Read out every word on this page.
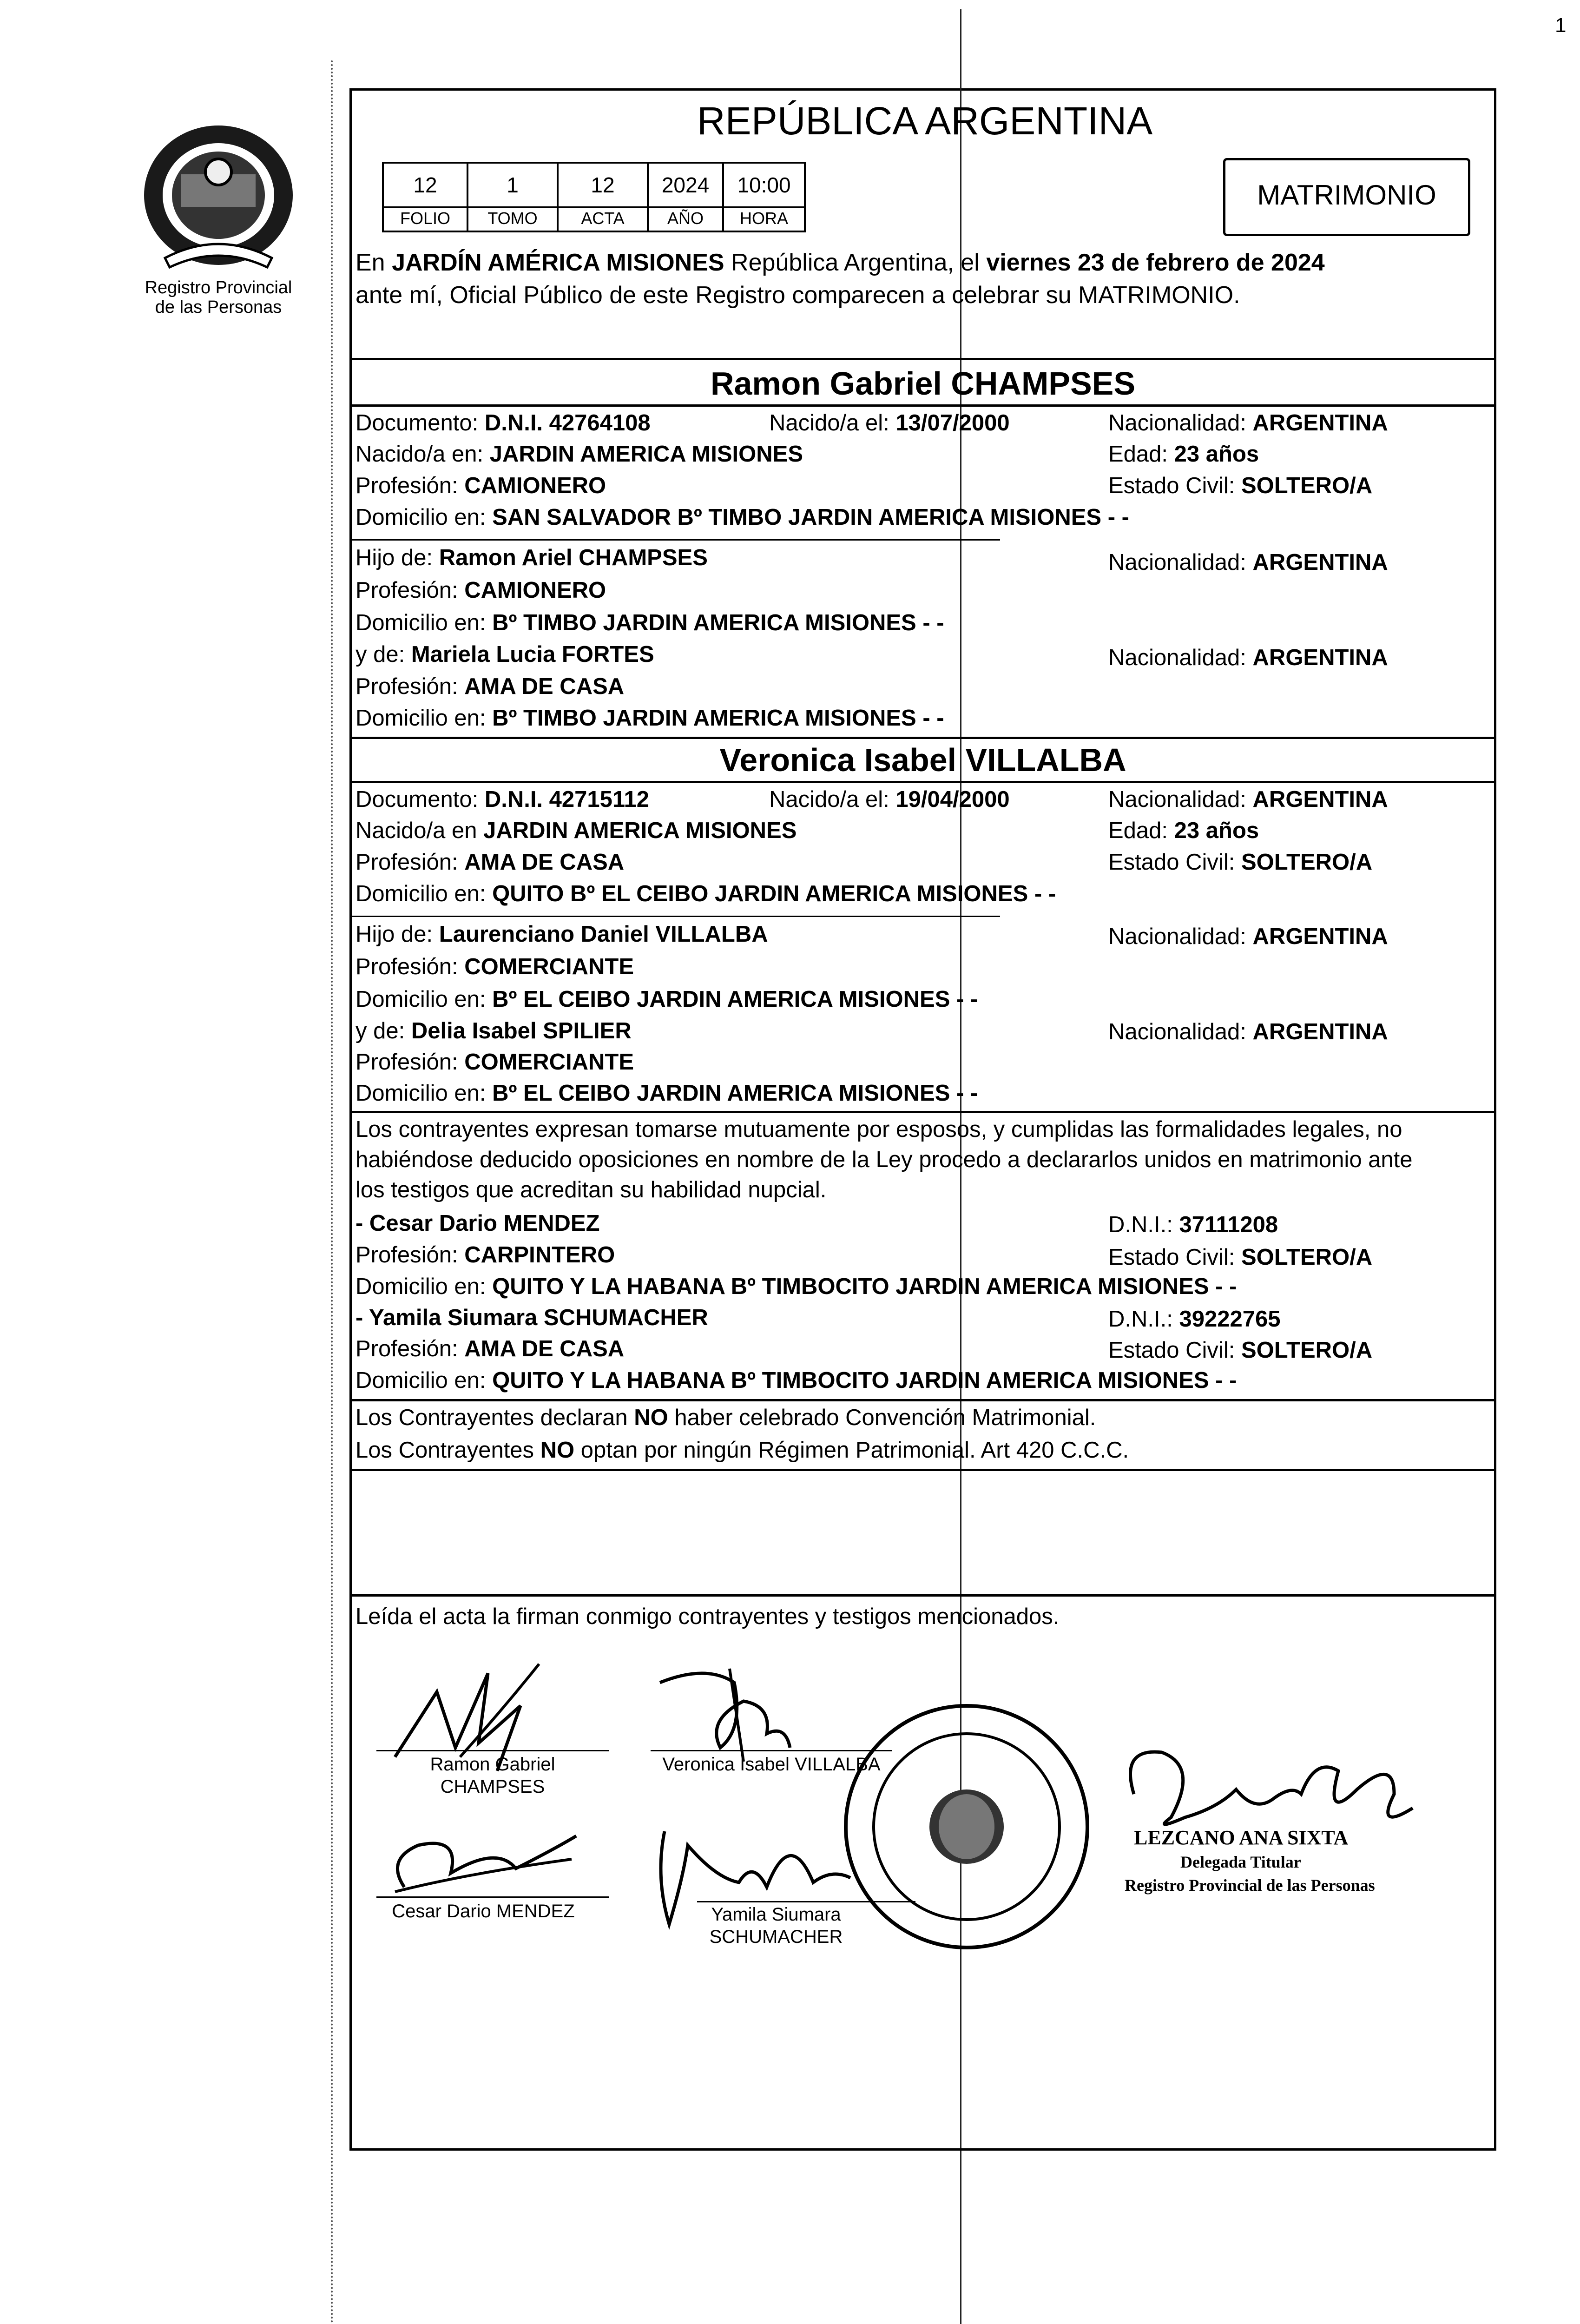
1
Registro Provincial
de las Personas
REPÚBLICA ARGENTINA
12	1	12	2024	10:00
FOLIO	TOMO	ACTA	AÑO	HORA
MATRIMONIO
En JARDÍN AMÉRICA MISIONES República Argentina, el viernes 23 de febrero de 2024
ante mí, Oficial Público de este Registro comparecen a celebrar su MATRIMONIO.
Ramon Gabriel CHAMPSES
Documento: D.N.I. 42764108	Nacido/a el: 13/07/2000	Nacionalidad: ARGENTINA
Nacido/a en: JARDIN AMERICA MISIONES	Edad: 23 años
Profesión: CAMIONERO	Estado Civil: SOLTERO/A
Domicilio en: SAN SALVADOR Bº TIMBO JARDIN AMERICA MISIONES - -
Hijo de: Ramon Ariel CHAMPSES	Nacionalidad: ARGENTINA
Profesión: CAMIONERO
Domicilio en: Bº TIMBO JARDIN AMERICA MISIONES - -
y de: Mariela Lucia FORTES	Nacionalidad: ARGENTINA
Profesión: AMA DE CASA
Domicilio en: Bº TIMBO JARDIN AMERICA MISIONES - -
Veronica Isabel VILLALBA
Documento: D.N.I. 42715112	Nacido/a el: 19/04/2000	Nacionalidad: ARGENTINA
Nacido/a en JARDIN AMERICA MISIONES	Edad: 23 años
Profesión: AMA DE CASA	Estado Civil: SOLTERO/A
Domicilio en: QUITO Bº EL CEIBO JARDIN AMERICA MISIONES - -
Hijo de: Laurenciano Daniel VILLALBA	Nacionalidad: ARGENTINA
Profesión: COMERCIANTE
Domicilio en: Bº EL CEIBO JARDIN AMERICA MISIONES - -
y de: Delia Isabel SPILIER	Nacionalidad: ARGENTINA
Profesión: COMERCIANTE
Domicilio en: Bº EL CEIBO JARDIN AMERICA MISIONES - -
Los contrayentes expresan tomarse mutuamente por esposos, y cumplidas las formalidades legales, no
habiéndose deducido oposiciones en nombre de la Ley procedo a declararlos unidos en matrimonio ante
los testigos que acreditan su habilidad nupcial.
- Cesar Dario MENDEZ	D.N.I.: 37111208
Profesión: CARPINTERO	Estado Civil: SOLTERO/A
Domicilio en: QUITO Y LA HABANA Bº TIMBOCITO JARDIN AMERICA MISIONES - -
- Yamila Siumara SCHUMACHER	D.N.I.: 39222765
Profesión: AMA DE CASA	Estado Civil: SOLTERO/A
Domicilio en: QUITO Y LA HABANA Bº TIMBOCITO JARDIN AMERICA MISIONES - -
Los Contrayentes declaran NO haber celebrado Convención Matrimonial.
Los Contrayentes NO optan por ningún Régimen Patrimonial. Art 420 C.C.C.
Leída el acta la firman conmigo contrayentes y testigos mencionados.
Ramon Gabriel
CHAMPSES
Veronica Isabel VILLALBA
Cesar Dario MENDEZ	Yamila Siumara
SCHUMACHER
LEZCANO ANA SIXTA
Delegada Titular
Registro Provincial de las Personas
